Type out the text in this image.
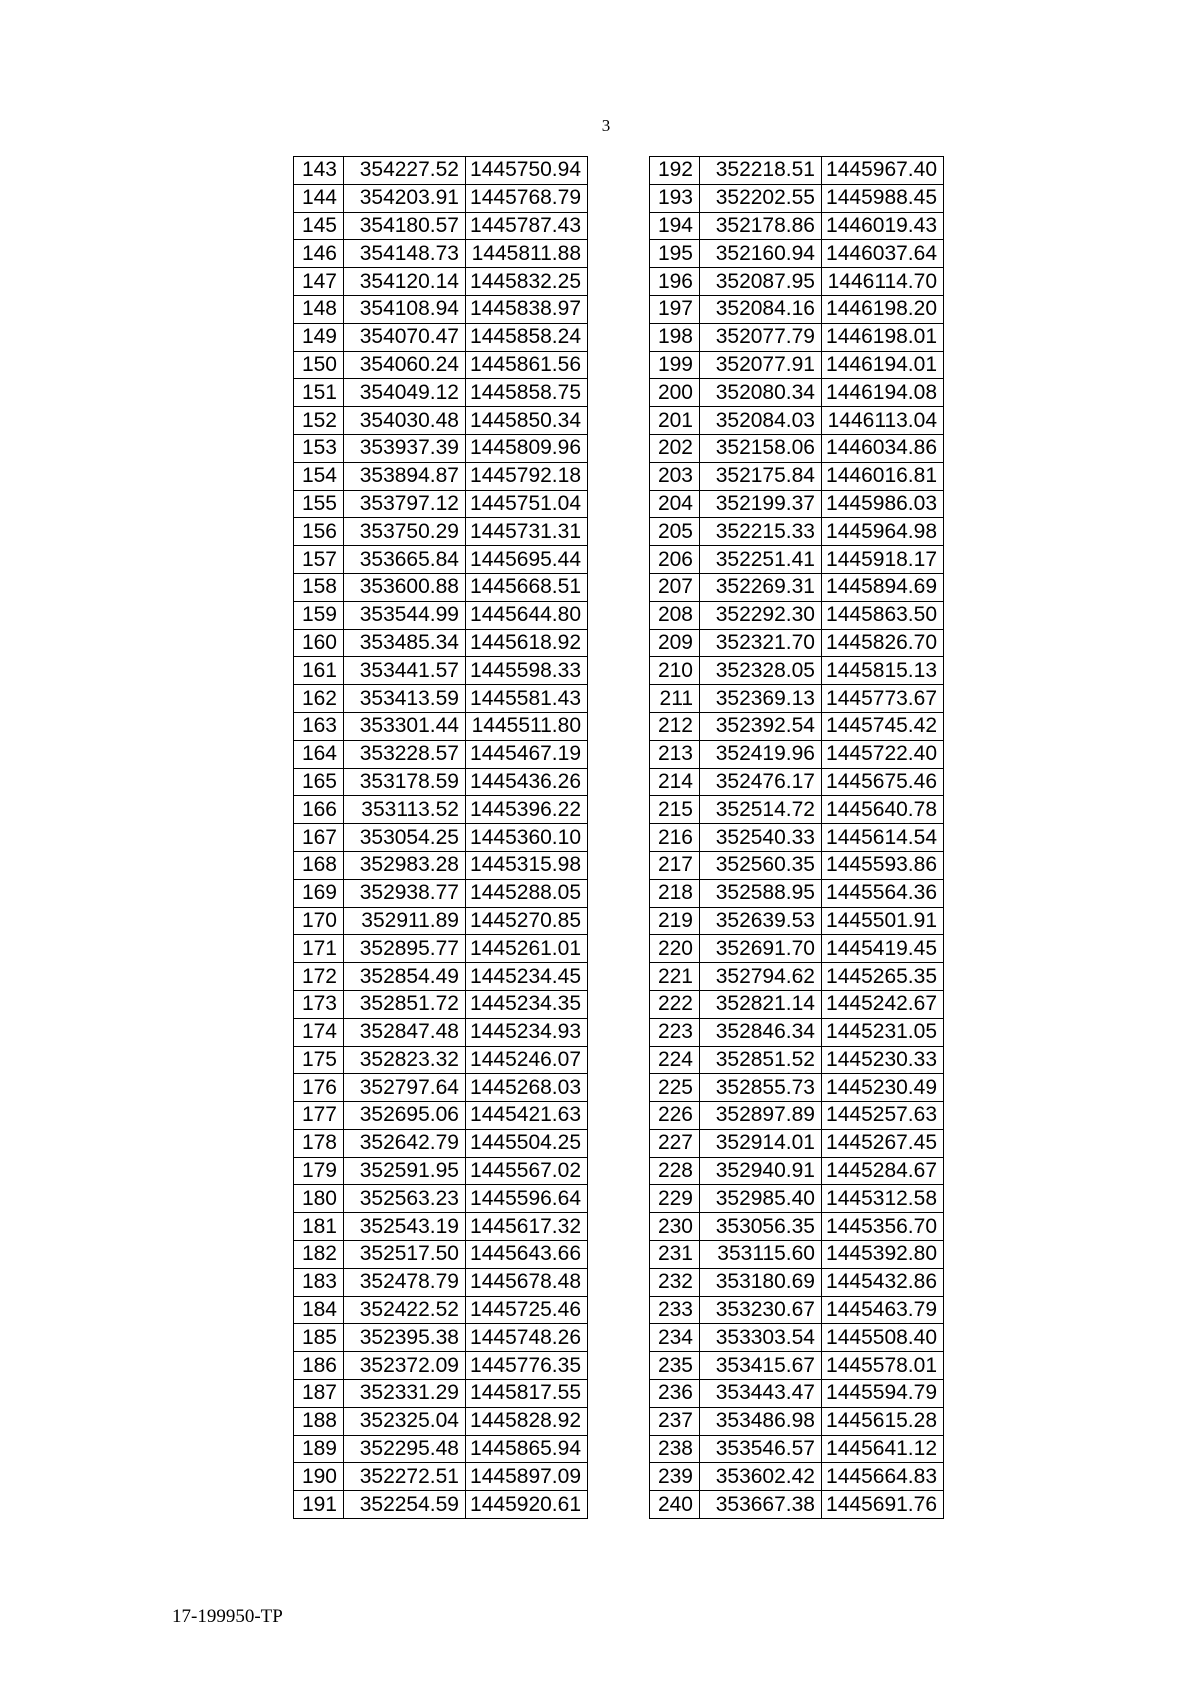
3
143	354227.52	1445750.94
144	354203.91	1445768.79
145	354180.57	1445787.43
146	354148.73	1445811.88
147	354120.14	1445832.25
148	354108.94	1445838.97
149	354070.47	1445858.24
150	354060.24	1445861.56
151	354049.12	1445858.75
152	354030.48	1445850.34
153	353937.39	1445809.96
154	353894.87	1445792.18
155	353797.12	1445751.04
156	353750.29	1445731.31
157	353665.84	1445695.44
158	353600.88	1445668.51
159	353544.99	1445644.80
160	353485.34	1445618.92
161	353441.57	1445598.33
162	353413.59	1445581.43
163	353301.44	1445511.80
164	353228.57	1445467.19
165	353178.59	1445436.26
166	353113.52	1445396.22
167	353054.25	1445360.10
168	352983.28	1445315.98
169	352938.77	1445288.05
170	352911.89	1445270.85
171	352895.77	1445261.01
172	352854.49	1445234.45
173	352851.72	1445234.35
174	352847.48	1445234.93
175	352823.32	1445246.07
176	352797.64	1445268.03
177	352695.06	1445421.63
178	352642.79	1445504.25
179	352591.95	1445567.02
180	352563.23	1445596.64
181	352543.19	1445617.32
182	352517.50	1445643.66
183	352478.79	1445678.48
184	352422.52	1445725.46
185	352395.38	1445748.26
186	352372.09	1445776.35
187	352331.29	1445817.55
188	352325.04	1445828.92
189	352295.48	1445865.94
190	352272.51	1445897.09
191	352254.59	1445920.61
192	352218.51	1445967.40
193	352202.55	1445988.45
194	352178.86	1446019.43
195	352160.94	1446037.64
196	352087.95	1446114.70
197	352084.16	1446198.20
198	352077.79	1446198.01
199	352077.91	1446194.01
200	352080.34	1446194.08
201	352084.03	1446113.04
202	352158.06	1446034.86
203	352175.84	1446016.81
204	352199.37	1445986.03
205	352215.33	1445964.98
206	352251.41	1445918.17
207	352269.31	1445894.69
208	352292.30	1445863.50
209	352321.70	1445826.70
210	352328.05	1445815.13
211	352369.13	1445773.67
212	352392.54	1445745.42
213	352419.96	1445722.40
214	352476.17	1445675.46
215	352514.72	1445640.78
216	352540.33	1445614.54
217	352560.35	1445593.86
218	352588.95	1445564.36
219	352639.53	1445501.91
220	352691.70	1445419.45
221	352794.62	1445265.35
222	352821.14	1445242.67
223	352846.34	1445231.05
224	352851.52	1445230.33
225	352855.73	1445230.49
226	352897.89	1445257.63
227	352914.01	1445267.45
228	352940.91	1445284.67
229	352985.40	1445312.58
230	353056.35	1445356.70
231	353115.60	1445392.80
232	353180.69	1445432.86
233	353230.67	1445463.79
234	353303.54	1445508.40
235	353415.67	1445578.01
236	353443.47	1445594.79
237	353486.98	1445615.28
238	353546.57	1445641.12
239	353602.42	1445664.83
240	353667.38	1445691.76
17-199950-TP
